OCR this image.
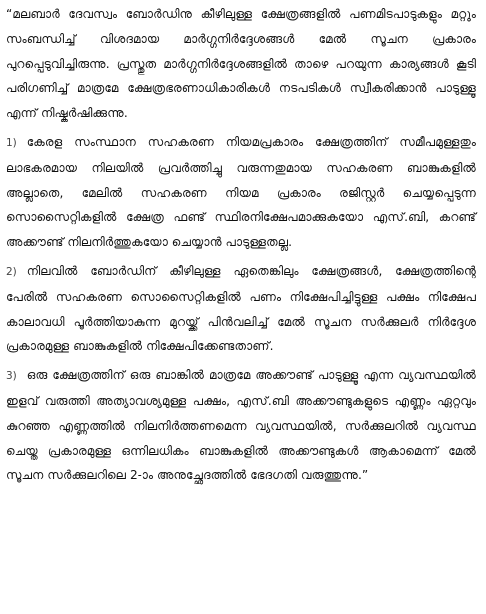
“മലബാർ ദേവസ്വം ബോർഡിനു കീഴിലുള്ള ക്ഷേത്രങ്ങളിൽ പണമിടപാടുകളും മറ്റും സംബന്ധിച്ച് വിശദമായ മാർഗ്ഗനിർദ്ദേശങ്ങൾ മേൽ സൂചന പ്രകാരം പുറപ്പെടുവിച്ചിരുന്നു. പ്രസ്തുത മാർഗ്ഗനിർദ്ദേശങ്ങളിൽ താഴെ പറയുന്ന കാര്യങ്ങൾ കൂടി പരിഗണിച്ച് മാത്രമേ ക്ഷേത്രഭരണാധികാരികൾ നടപടികൾ സ്വീകരിക്കാൻ പാടുള്ളൂ എന്ന് നിഷ്കർഷിക്കുന്നു.

1) കേരള സംസ്ഥാന സഹകരണ നിയമപ്രകാരം ക്ഷേത്രത്തിന് സമീപമുള്ളതും ലാഭകരമായ നിലയിൽ പ്രവർത്തിച്ചു വരുന്നതുമായ സഹകരണ ബാങ്കുകളിൽ അല്ലാതെ, മേലിൽ സഹകരണ നിയമ പ്രകാരം രജിസ്റ്റർ ചെയ്യപ്പെടുന്ന സൊസൈറ്റികളിൽ ക്ഷേത്ര ഫണ്ട് സ്ഥിരനിക്ഷേപമാക്കുകയോ എസ്.ബി, കറണ്ട് അക്കൗണ്ട് നിലനിർത്തുകയോ ചെയ്യാൻ പാടുള്ളതല്ല.

2) നിലവിൽ ബോർഡിന് കീഴിലുള്ള ഏതെങ്കിലും ക്ഷേത്രങ്ങൾ, ക്ഷേത്രത്തിന്റെ പേരിൽ സഹകരണ സൊസൈറ്റികളിൽ പണം നിക്ഷേപിച്ചിട്ടുള്ള പക്ഷം നിക്ഷേപ കാലാവധി പൂർത്തിയാകുന്ന മുറയ്ക്ക് പിൻവലിച്ച് മേൽ സൂചന സർക്കുലർ നിർദ്ദേശ പ്രകാരമുള്ള ബാങ്കുകളിൽ നിക്ഷേപിക്കേണ്ടതാണ്.

3) ഒരു ക്ഷേത്രത്തിന് ഒരു ബാങ്കിൽ മാത്രമേ അക്കൗണ്ട് പാടുള്ളൂ എന്ന വ്യവസ്ഥയിൽ ഇളവ് വരുത്തി അത്യാവശ്യമുള്ള പക്ഷം, എസ്.ബി അക്കൗണ്ടുകളുടെ എണ്ണം ഏറ്റവും കുറഞ്ഞ എണ്ണത്തിൽ നിലനിർത്തണമെന്ന വ്യവസ്ഥയിൽ, സർക്കുലറിൽ വ്യവസ്ഥ ചെയ്ത പ്രകാരമുള്ള ഒന്നിലധികം ബാങ്കുകളിൽ അക്കൗണ്ടുകൾ ആകാമെന്ന് മേൽ സൂചന സർക്കുലറിലെ 2-ാം അനുച്ഛേദത്തിൽ ഭേദഗതി വരുത്തുന്നു.”
